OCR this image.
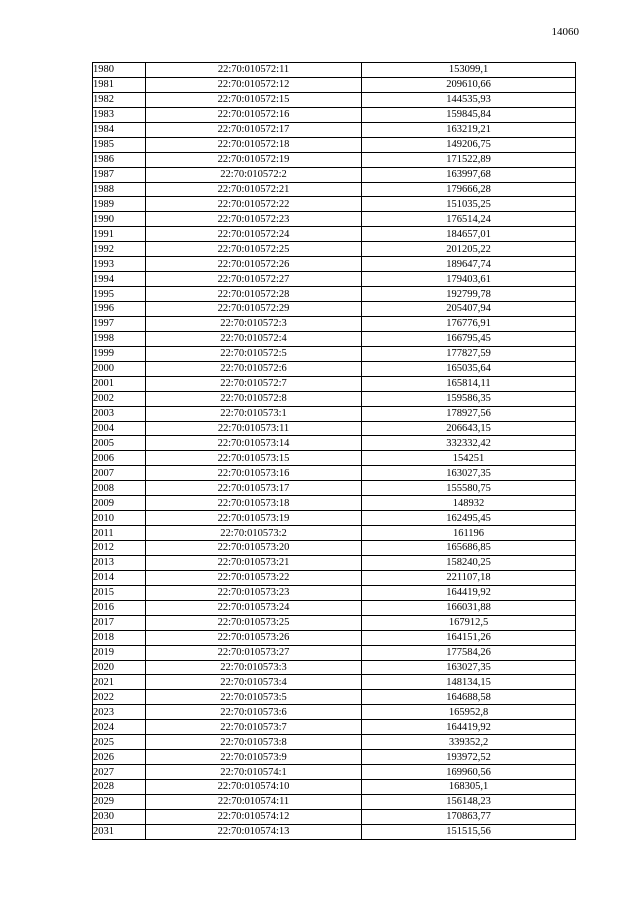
14060
1980	22:70:010572:11	153099,1
1981	22:70:010572:12	209610,66
1982	22:70:010572:15	144535,93
1983	22:70:010572:16	159845,84
1984	22:70:010572:17	163219,21
1985	22:70:010572:18	149206,75
1986	22:70:010572:19	171522,89
1987	22:70:010572:2	163997,68
1988	22:70:010572:21	179666,28
1989	22:70:010572:22	151035,25
1990	22:70:010572:23	176514,24
1991	22:70:010572:24	184657,01
1992	22:70:010572:25	201205,22
1993	22:70:010572:26	189647,74
1994	22:70:010572:27	179403,61
1995	22:70:010572:28	192799,78
1996	22:70:010572:29	205407,94
1997	22:70:010572:3	176776,91
1998	22:70:010572:4	166795,45
1999	22:70:010572:5	177827,59
2000	22:70:010572:6	165035,64
2001	22:70:010572:7	165814,11
2002	22:70:010572:8	159586,35
2003	22:70:010573:1	178927,56
2004	22:70:010573:11	206643,15
2005	22:70:010573:14	332332,42
2006	22:70:010573:15	154251
2007	22:70:010573:16	163027,35
2008	22:70:010573:17	155580,75
2009	22:70:010573:18	148932
2010	22:70:010573:19	162495,45
2011	22:70:010573:2	161196
2012	22:70:010573:20	165686,85
2013	22:70:010573:21	158240,25
2014	22:70:010573:22	221107,18
2015	22:70:010573:23	164419,92
2016	22:70:010573:24	166031,88
2017	22:70:010573:25	167912,5
2018	22:70:010573:26	164151,26
2019	22:70:010573:27	177584,26
2020	22:70:010573:3	163027,35
2021	22:70:010573:4	148134,15
2022	22:70:010573:5	164688,58
2023	22:70:010573:6	165952,8
2024	22:70:010573:7	164419,92
2025	22:70:010573:8	339352,2
2026	22:70:010573:9	193972,52
2027	22:70:010574:1	169960,56
2028	22:70:010574:10	168305,1
2029	22:70:010574:11	156148,23
2030	22:70:010574:12	170863,77
2031	22:70:010574:13	151515,56
